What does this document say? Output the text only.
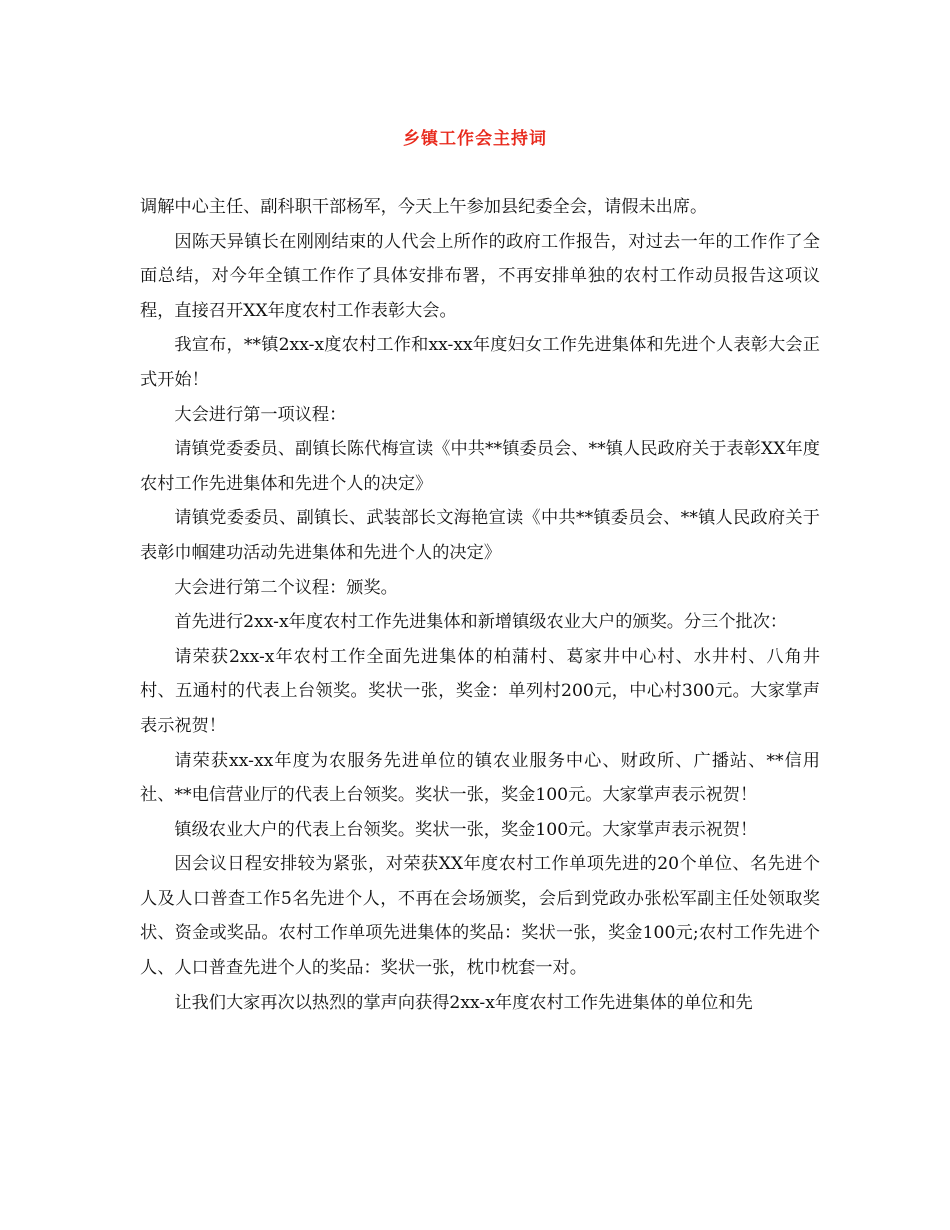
乡镇工作会主持词

调解中心主任、副科职干部杨军，今天上午参加县纪委全会，请假未出席。

因陈天异镇长在刚刚结束的人代会上所作的政府工作报告，对过去一年的工作作了全面总结，对今年全镇工作作了具体安排布署，不再安排单独的农村工作动员报告这项议程，直接召开XX年度农村工作表彰大会。

我宣布，**镇2xx-x度农村工作和xx-xx年度妇女工作先进集体和先进个人表彰大会正式开始！

大会进行第一项议程：

请镇党委委员、副镇长陈代梅宣读《中共**镇委员会、**镇人民政府关于表彰XX年度农村工作先进集体和先进个人的决定》

请镇党委委员、副镇长、武装部长文海艳宣读《中共**镇委员会、**镇人民政府关于表彰巾帼建功活动先进集体和先进个人的决定》

大会进行第二个议程：颁奖。

首先进行2xx-x年度农村工作先进集体和新增镇级农业大户的颁奖。分三个批次：

请荣获2xx-x年农村工作全面先进集体的柏蒲村、葛家井中心村、水井村、八角井村、五通村的代表上台领奖。奖状一张，奖金：单列村200元，中心村300元。大家掌声表示祝贺！

请荣获xx-xx年度为农服务先进单位的镇农业服务中心、财政所、广播站、**信用社、**电信营业厅的代表上台领奖。奖状一张，奖金100元。大家掌声表示祝贺！

镇级农业大户的代表上台领奖。奖状一张，奖金100元。大家掌声表示祝贺！

因会议日程安排较为紧张，对荣获XX年度农村工作单项先进的20个单位、名先进个人及人口普查工作5名先进个人，不再在会场颁奖，会后到党政办张松军副主任处领取奖状、资金或奖品。农村工作单项先进集体的奖品：奖状一张，奖金100元;农村工作先进个人、人口普查先进个人的奖品：奖状一张，枕巾枕套一对。

让我们大家再次以热烈的掌声向获得2xx-x年度农村工作先进集体的单位和先
